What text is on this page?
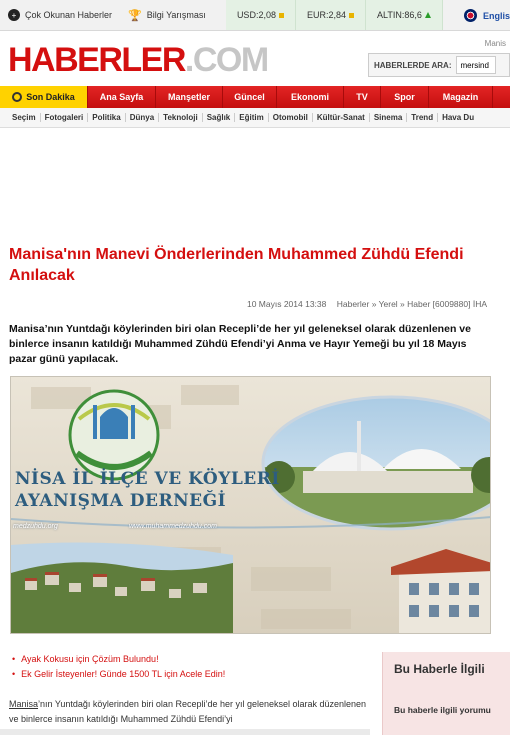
+ Çok Okunan Haberler 🏆 Bilgi Yarışması	USD:2,08	EUR:2,84	ALTIN:86,6	Englis
HABERLER.COM	Manis
HABERLERDE ARA:
mersind
Son Dakika	Ana Sayfa	Manşetler	Güncel	Ekonomi	TV	Spor	Magazin
Seçim	Fotogaleri	Politika	Dünya	Teknoloji	Sağlık	Eğitim	Otomobil	Kültür-Sanat	Sinema	Trend	Hava Du
Manisa'nın Manevi Önderlerinden Muhammed Zühdü Efendi Anılacak
10 Mayıs 2014 13:38 Haberler » Yerel » Haber [6009880] İHA

Manisa’nın Yuntdağı köylerinden biri olan Recepli’de her yıl geleneksel olarak düzenlenen ve binlerce insanın katıldığı Muhammed Zühdü Efendi’yi Anma ve Hayır Yemeği bu yıl 18 Mayıs pazar günü yapılacak.

NİSA İL İLÇE VE KÖYLERİ
AYANIŞMA DERNEĞİ
medzuhdu.org	www.muhammedzuhdu.com
• Ayak Kokusu için Çözüm Bulundu!
• Ek Gelir İsteyenler! Günde 1500 TL için Acele Edin!	Bu Haberle İlgili
Bu haberle ilgili yorumu

Manisa’nın Yuntdağı köylerinden biri olan Recepli’de her yıl geleneksel olarak düzenlenen ve binlerce insanın katıldığı Muhammed Zühdü Efendi’yi
